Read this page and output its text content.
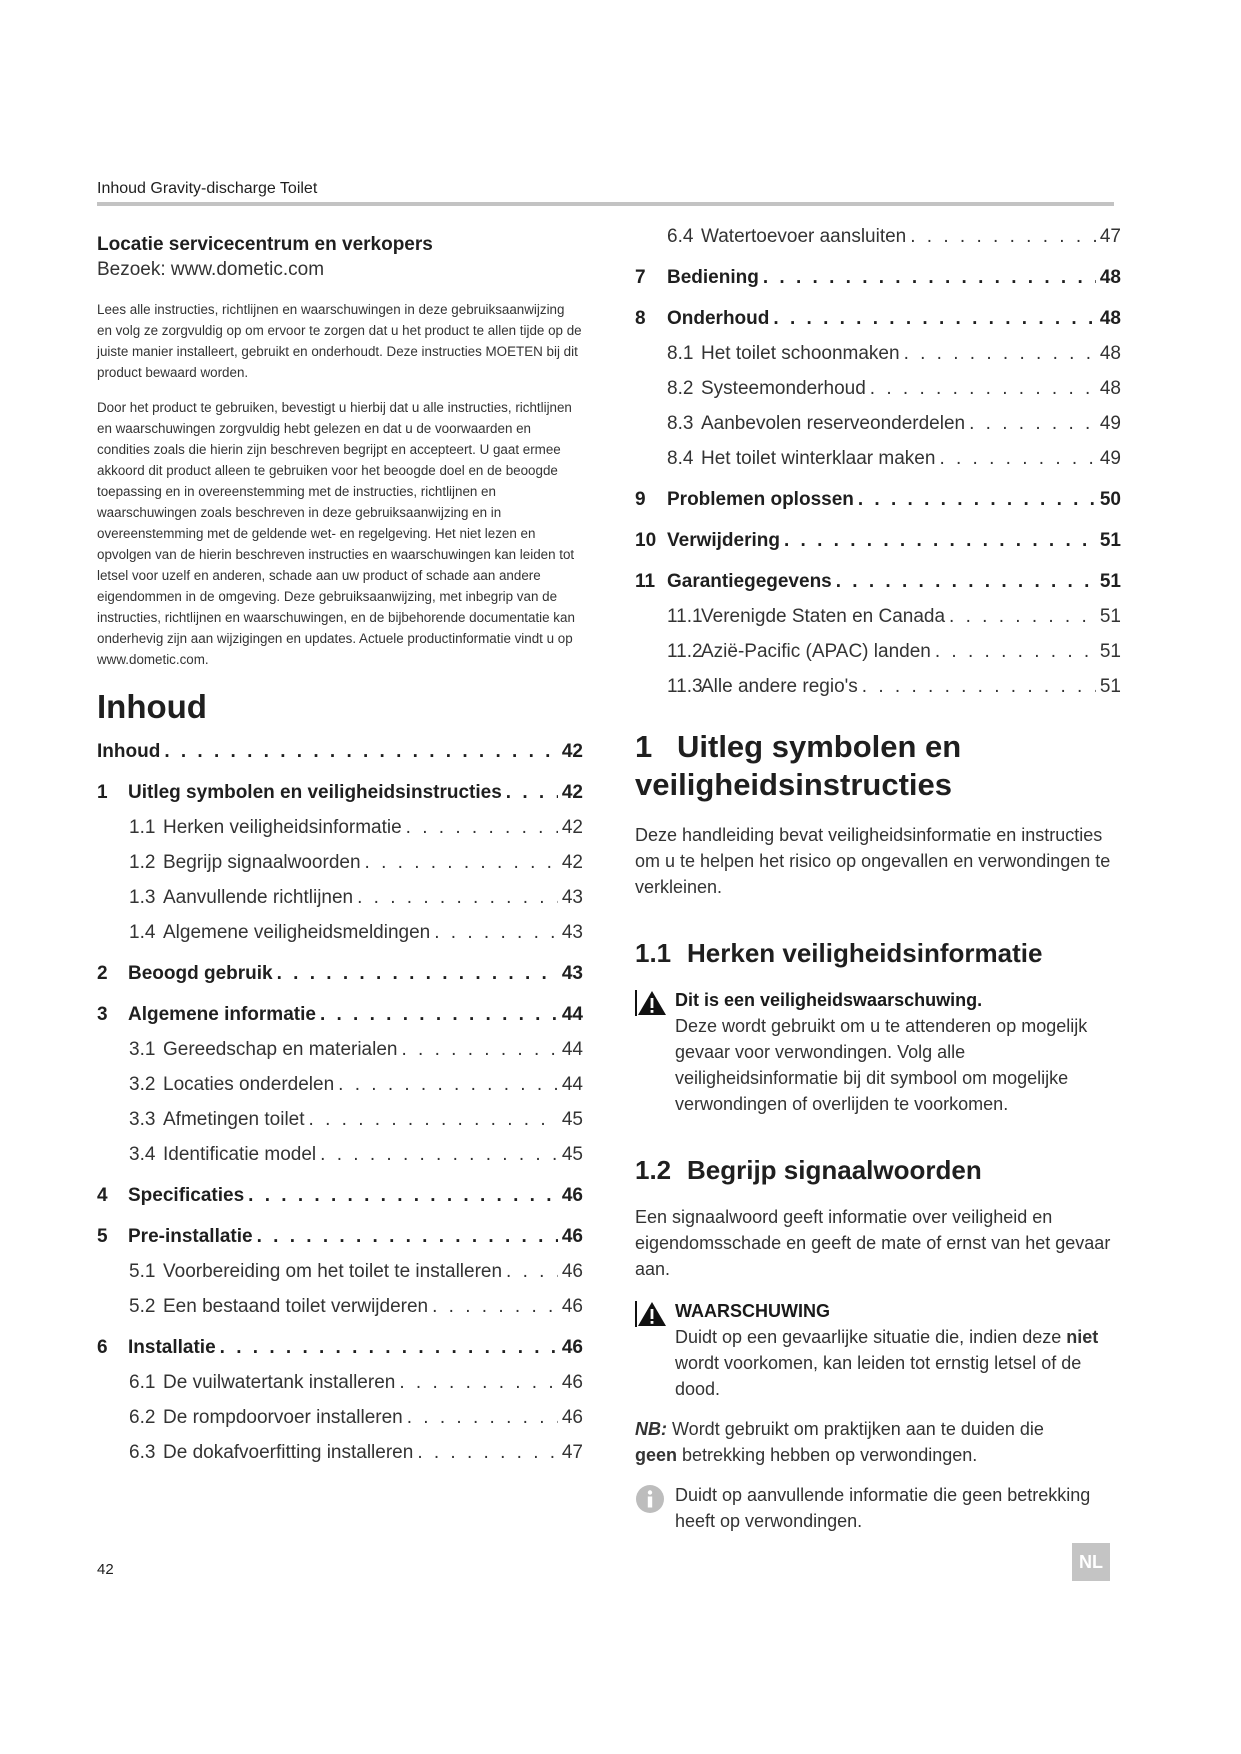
Inhoud Gravity-discharge Toilet

Locatie servicecentrum en verkopers

Bezoek: www.dometic.com

Lees alle instructies, richtlijnen en waarschuwingen in deze gebruiksaanwijzing en volg ze zorgvuldig op om ervoor te zorgen dat u het product te allen tijde op de juiste manier installeert, gebruikt en onderhoudt. Deze instructies MOETEN bij dit product bewaard worden.

Door het product te gebruiken, bevestigt u hierbij dat u alle instructies, richtlijnen en waarschuwingen zorgvuldig hebt gelezen en dat u de voorwaarden en condities zoals die hierin zijn beschreven begrijpt en accepteert. U gaat ermee akkoord dit product alleen te gebruiken voor het beoogde doel en de beoogde toepassing en in overeenstemming met de instructies, richtlijnen en waarschuwingen zoals beschreven in deze gebruiksaanwijzing en in overeenstemming met de geldende wet- en regelgeving. Het niet lezen en opvolgen van de hierin beschreven instructies en waarschuwingen kan leiden tot letsel voor uzelf en anderen, schade aan uw product of schade aan andere eigendommen in de omgeving. Deze gebruiksaanwijzing, met inbegrip van de instructies, richtlijnen en waarschuwingen, en de bijbehorende documentatie kan onderhevig zijn aan wijzigingen en updates. Actuele productinformatie vindt u op www.dometic.com.

Inhoud
Inhoud . . .	42
1 Uitleg symbolen en veiligheidsinstructies . . .	42
1.1 Herken veiligheidsinformatie . . .	42
1.2 Begrijp signaalwoorden . . .	42
1.3 Aanvullende richtlijnen . . .	43
1.4 Algemene veiligheidsmeldingen . . .	43
2 Beoogd gebruik . . .	43
3 Algemene informatie . . .	44
3.1 Gereedschap en materialen . . .	44
3.2 Locaties onderdelen . . .	44
3.3 Afmetingen toilet . . .	45
3.4 Identificatie model . . .	45
4 Specificaties . . .	46
5 Pre-installatie . . .	46
5.1 Voorbereiding om het toilet te installeren . . .	46
5.2 Een bestaand toilet verwijderen . . .	46
6 Installatie . . .	46
6.1 De vuilwatertank installeren . . .	46
6.2 De rompdoorvoer installeren . . .	46
6.3 De dokafvoerfitting installeren . . .	47
6.4 Watertoevoer aansluiten . . .	47
7 Bediening . . .	48
8 Onderhoud . . .	48
8.1 Het toilet schoonmaken . . .	48
8.2 Systeemonderhoud . . .	48
8.3 Aanbevolen reserveonderdelen . . .	49
8.4 Het toilet winterklaar maken . . .	49
9 Problemen oplossen . . .	50
10 Verwijdering . . .	51
11 Garantiegegevens . . .	51
11.1Verenigde Staten en Canada . . .	51
11.2Azië-Pacific (APAC) landen . . .	51
11.3Alle andere regio's . . .	51
1 Uitleg symbolen en veiligheidsinstructies

Deze handleiding bevat veiligheidsinformatie en instructies om u te helpen het risico op ongevallen en verwondingen te verkleinen.

1.1 Herken veiligheidsinformatie
Dit is een veiligheidswaarschuwing.
Deze wordt gebruikt om u te attenderen op mogelijk gevaar voor verwondingen. Volg alle veiligheidsinformatie bij dit symbool om mogelijke verwondingen of overlijden te voorkomen.
1.2 Begrijp signaalwoorden

Een signaalwoord geeft informatie over veiligheid en eigendomsschade en geeft de mate of ernst van het gevaar aan.

WAARSCHUWING
Duidt op een gevaarlijke situatie die, indien deze niet wordt voorkomen, kan leiden tot ernstig letsel of de dood.
NB: Wordt gebruikt om praktijken aan te duiden die
geen betrekking hebben op verwondingen.
Duidt op aanvullende informatie die geen betrekking heeft op verwondingen.
42	NL
